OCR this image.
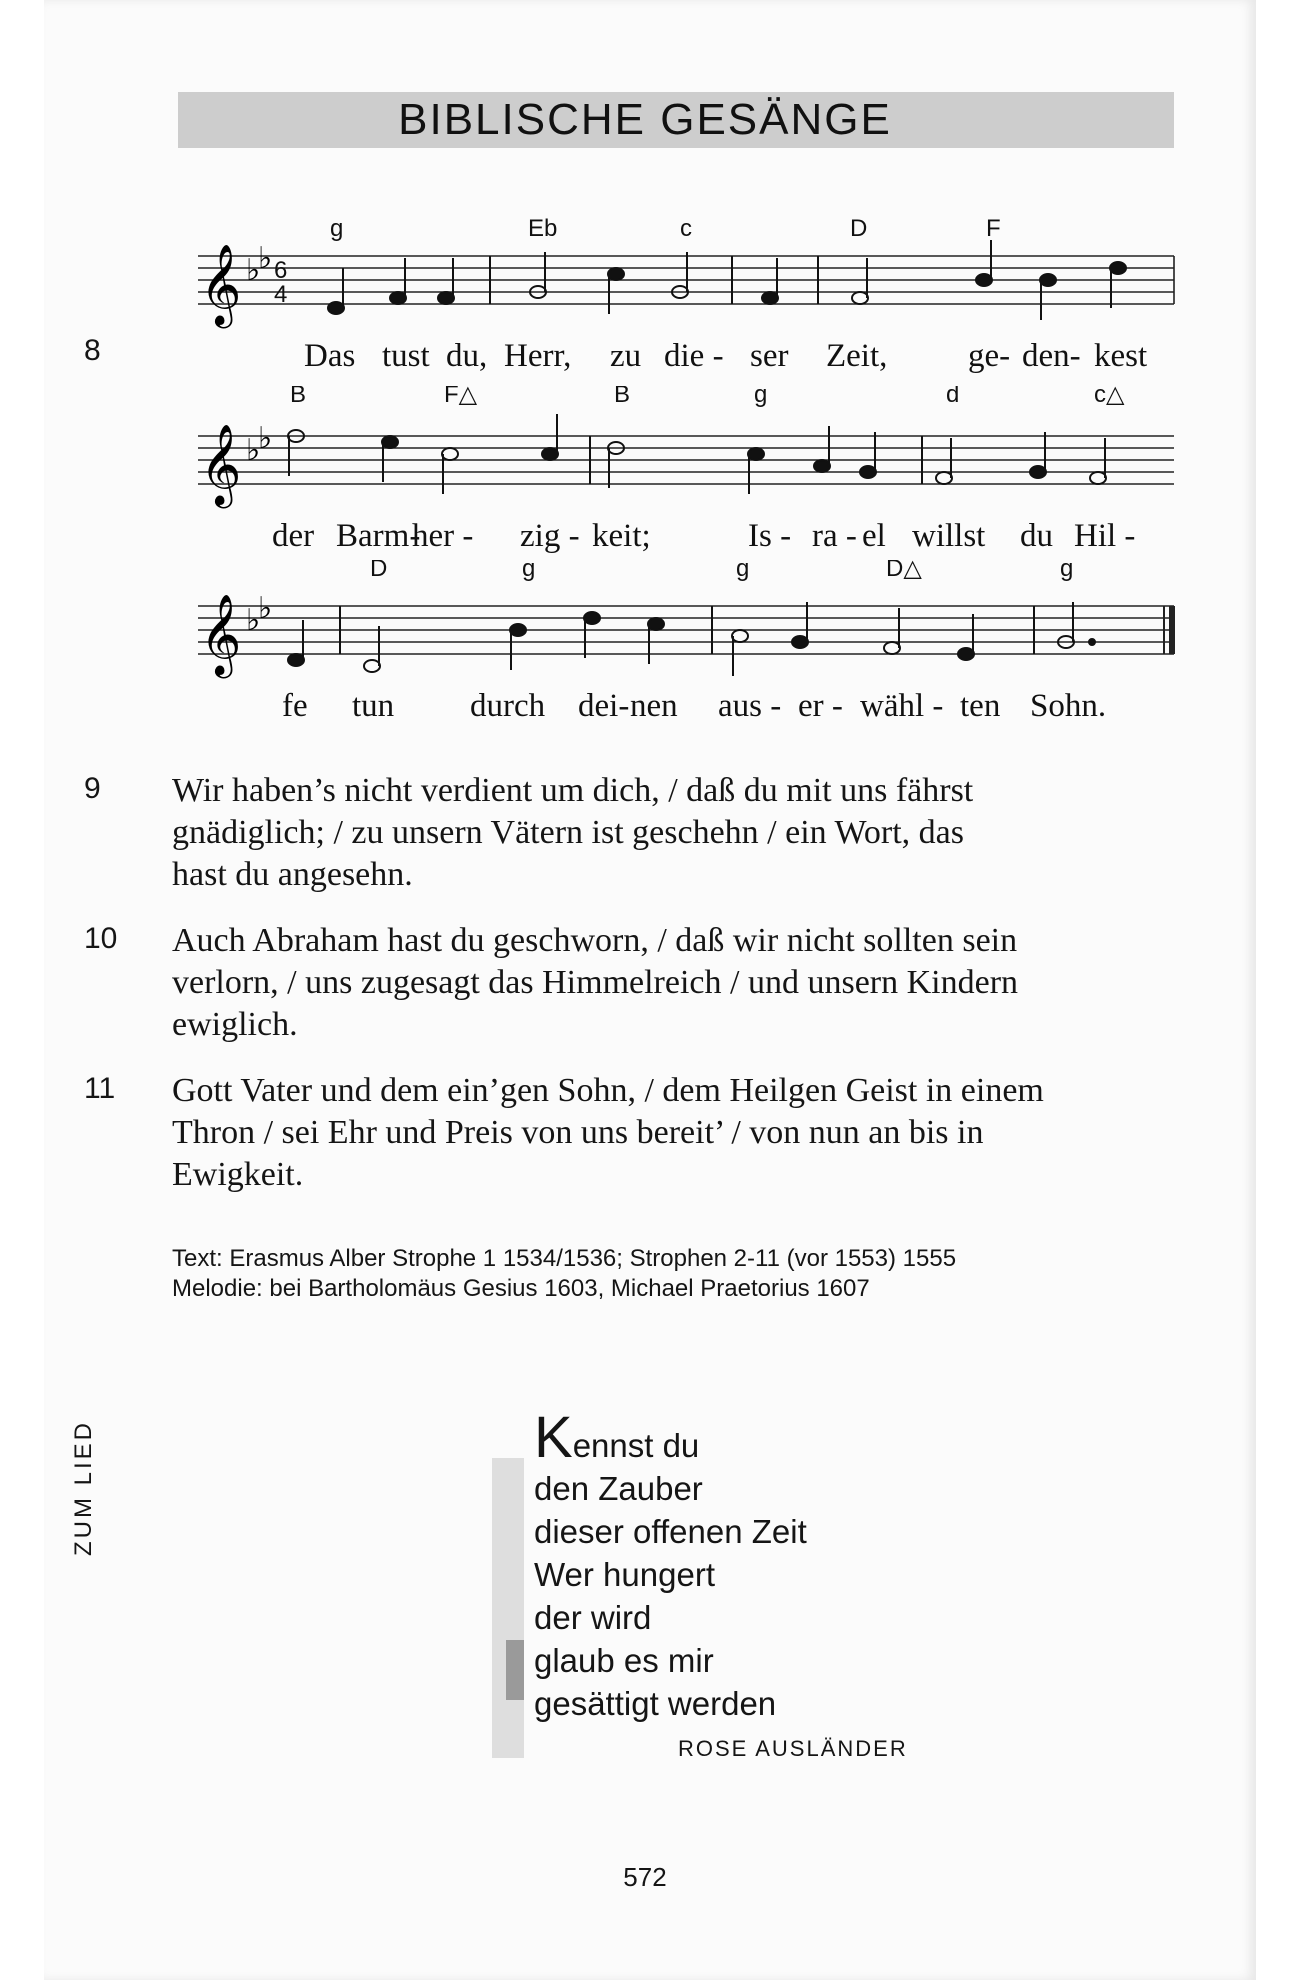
BIBLISCHE GESÄNGE
8
𝄞 ♭
♭ 6
4
g	Eb	c	D	F
Das tust du, Herr, zu die - ser Zeit, ge- den- kest
𝄞 ♭
♭
B	F△	B	g	d	c△
der Barm-
her - zig - keit;	Is - ra - el willst du Hil -
𝄞 ♭
♭
D	g	g	D△	g
fe tun durch dei- nen aus - er - wähl - ten Sohn.
9 Wir haben’s nicht verdient um dich, / daß du mit uns fährst
gnädiglich; / zu unsern Vätern ist geschehn / ein Wort, das
hast du angesehn.
10 Auch Abraham hast du geschworn, / daß wir nicht sollten sein
verlorn, / uns zugesagt das Himmelreich / und unsern Kindern
ewiglich.
11 Gott Vater und dem ein’gen Sohn, / dem Heilgen Geist in einem
Thron / sei Ehr und Preis von uns bereit’ / von nun an bis in
Ewigkeit.
Text: Erasmus Alber Strophe 1 1534/1536; Strophen 2-11 (vor 1553) 1555
Melodie: bei Bartholomäus Gesius 1603, Michael Praetorius 1607
ZUM LIED	Kennst du
den Zauber
dieser offenen Zeit
Wer hungert
der wird
glaub es mir
gesättigt werden
ROSE AUSLÄNDER
572
